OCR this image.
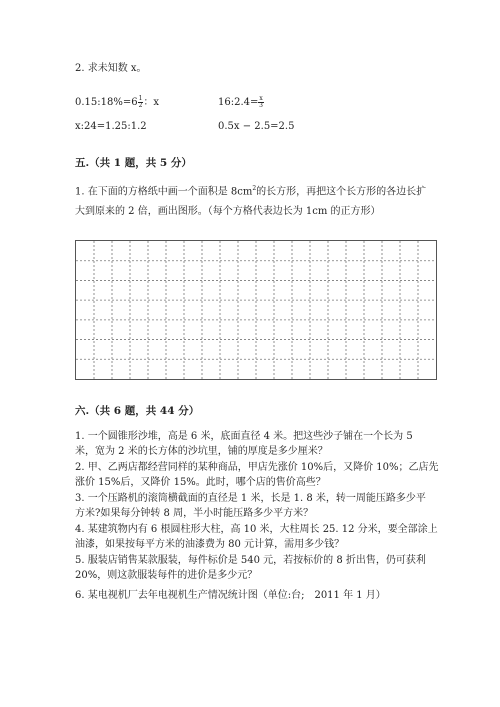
2. 求未知数 x。
0.15:18%=6 $\frac{1}{2}$ ：x	16:2.4= $\frac{x}{3}$
x:24=1.25:1.2	0.5x − 2.5=2.5
五.（共 1 题，共 5 分）
1. 在下面的方格纸中画一个面积是 $8cm^2$的长方形，再把这个长方形的各边长扩
大到原来的 2 倍，画出图形。（每个方格代表边长为 1cm 的正方形）
六.（共 6 题，共 44 分）
1. 一个圆锥形沙堆，高是 6 米，底面直径 4 米。把这些沙子铺在一个长为 5
米，宽为 2 米的长方体的沙坑里，铺的厚度是多少厘米？
2. 甲、乙两店都经营同样的某种商品，甲店先涨价 10%后，又降价 10%；乙店先
涨价 15%后，又降价 15%。此时，哪个店的售价高些？
3. 一个压路机的滚筒横截面的直径是 1 米，长是 1. 8 米，转一周能压路多少平
方米?如果每分钟转 8 周，半小时能压路多少平方米？
4. 某建筑物内有 6 根圆柱形大柱，高 10 米，大柱周长 25. 12 分米，要全部涂上
油漆，如果按每平方米的油漆费为 80 元计算，需用多少钱？
5. 服装店销售某款服装，每件标价是 540 元，若按标价的 8 折出售，仍可获利
20%，则这款服装每件的进价是多少元？
6. 某电视机厂去年电视机生产情况统计图（单位:台;　2011 年 1 月）
